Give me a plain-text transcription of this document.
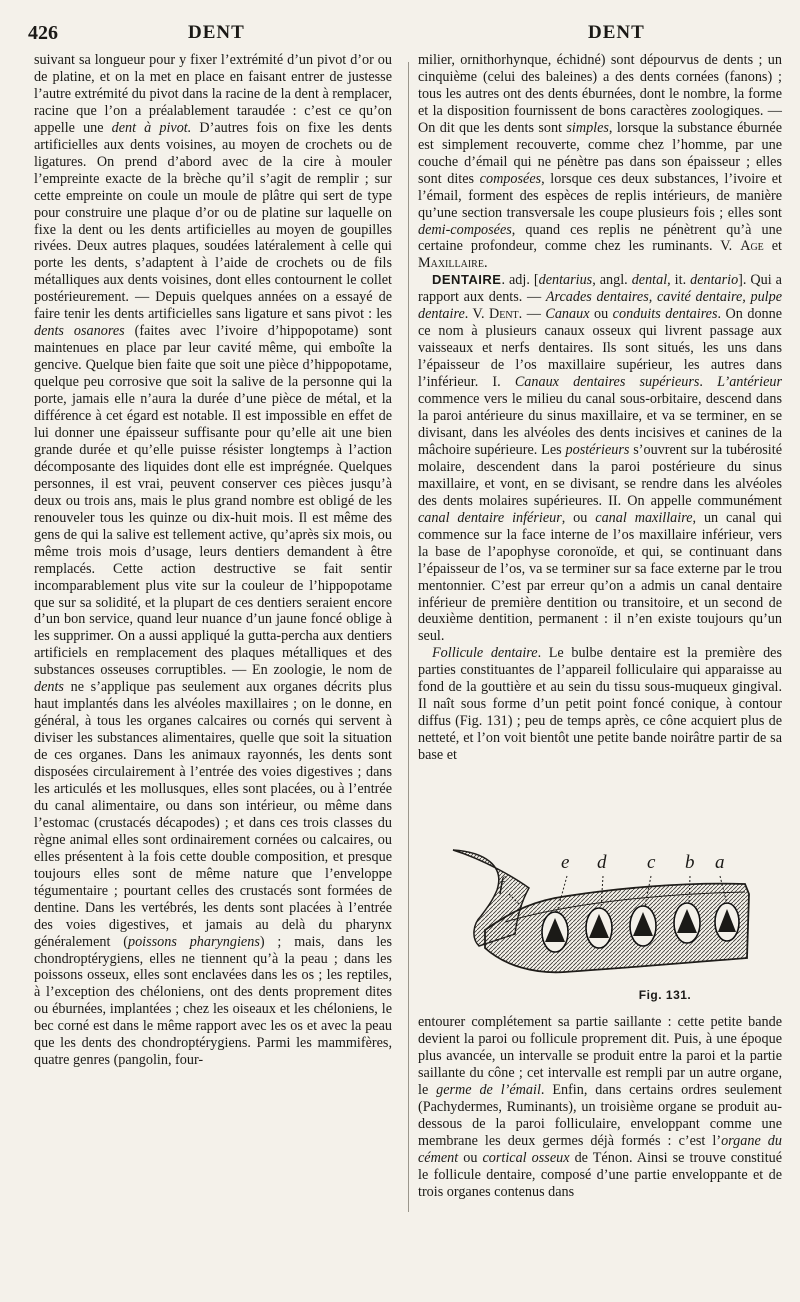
426	DENT	DENT

suivant sa longueur pour y fixer l’extrémité d’un pivot d’or ou de platine, et on la met en place en faisant entrer de justesse l’autre extrémité du pivot dans la racine de la dent à remplacer, racine que l’on a préalablement taraudée : c’est ce qu’on appelle une dent à pivot. D’autres fois on fixe les dents artificielles aux dents voisines, au moyen de crochets ou de ligatures. On prend d’abord avec de la cire à mouler l’empreinte exacte de la brèche qu’il s’agit de remplir ; sur cette empreinte on coule un moule de plâtre qui sert de type pour construire une plaque d’or ou de platine sur laquelle on fixe la dent ou les dents artificielles au moyen de goupilles rivées. Deux autres plaques, soudées latéralement à celle qui porte les dents, s’adaptent à l’aide de crochets ou de fils métalliques aux dents voisines, dont elles contournent le collet postérieurement. — Depuis quelques années on a essayé de faire tenir les dents artificielles sans ligature et sans pivot : les dents osanores (faites avec l’ivoire d’hippopotame) sont maintenues en place par leur cavité même, qui emboîte la gencive. Quelque bien faite que soit une pièce d’hippopotame, quelque peu corrosive que soit la salive de la personne qui la porte, jamais elle n’aura la durée d’une pièce de métal, et la différence à cet égard est notable. Il est impossible en effet de lui donner une épaisseur suffisante pour qu’elle ait une bien grande durée et qu’elle puisse résister longtemps à l’action décomposante des liquides dont elle est imprégnée. Quelques personnes, il est vrai, peuvent conserver ces pièces jusqu’à deux ou trois ans, mais le plus grand nombre est obligé de les renouveler tous les quinze ou dix-huit mois. Il est même des gens de qui la salive est tellement active, qu’après six mois, ou même trois mois d’usage, leurs dentiers demandent à être remplacés. Cette action destructive se fait sentir incomparablement plus vite sur la couleur de l’hippopotame que sur sa solidité, et la plupart de ces dentiers seraient encore d’un bon service, quand leur nuance d’un jaune foncé oblige à les supprimer. On a aussi appliqué la gutta-percha aux dentiers artificiels en remplacement des plaques métalliques et des substances osseuses corruptibles. — En zoologie, le nom de dents ne s’applique pas seulement aux organes décrits plus haut implantés dans les alvéoles maxillaires ; on le donne, en général, à tous les organes calcaires ou cornés qui servent à diviser les substances alimentaires, quelle que soit la situation de ces organes. Dans les animaux rayonnés, les dents sont disposées circulairement à l’entrée des voies digestives ; dans les articulés et les mollusques, elles sont placées, ou à l’entrée du canal alimentaire, ou dans son intérieur, ou même dans l’estomac (crustacés décapodes) ; et dans ces trois classes du règne animal elles sont ordinairement cornées ou calcaires, ou elles présentent à la fois cette double composition, et presque toujours elles sont de même nature que l’enveloppe tégumentaire ; pourtant celles des crustacés sont formées de dentine. Dans les vertébrés, les dents sont placées à l’entrée des voies digestives, et jamais au delà du pharynx généralement (poissons pharyngiens) ; mais, dans les chondroptérygiens, elles ne tiennent qu’à la peau ; dans les poissons osseux, elles sont enclavées dans les os ; les reptiles, à l’exception des chéloniens, ont des dents proprement dites ou éburnées, implantées ; chez les oiseaux et les chéloniens, le bec corné est dans le même rapport avec les os et avec la peau que les dents des chondroptérygiens. Parmi les mammifères, quatre genres (pangolin, four-

milier, ornithorhynque, échidné) sont dépourvus de dents ; un cinquième (celui des baleines) a des dents cornées (fanons) ; tous les autres ont des dents éburnées, dont le nombre, la forme et la disposition fournissent de bons caractères zoologiques. — On dit que les dents sont simples, lorsque la substance éburnée est simplement recouverte, comme chez l’homme, par une couche d’émail qui ne pénètre pas dans son épaisseur ; elles sont dites composées, lorsque ces deux substances, l’ivoire et l’émail, forment des espèces de replis intérieurs, de manière qu’une section transversale les coupe plusieurs fois ; elles sont demi-composées, quand ces replis ne pénètrent qu’à une certaine profondeur, comme chez les ruminants. V. Age et Maxillaire.

DENTAIRE. adj. [dentarius, angl. dental, it. dentario]. Qui a rapport aux dents. — Arcades dentaires, cavité dentaire, pulpe dentaire. V. Dent. — Canaux ou conduits dentaires. On donne ce nom à plusieurs canaux osseux qui livrent passage aux vaisseaux et nerfs dentaires. Ils sont situés, les uns dans l’épaisseur de l’os maxillaire supérieur, les autres dans l’inférieur. I. Canaux dentaires supérieurs. L’antérieur commence vers le milieu du canal sous-orbitaire, descend dans la paroi antérieure du sinus maxillaire, et va se terminer, en se divisant, dans les alvéoles des dents incisives et canines de la mâchoire supérieure. Les postérieurs s’ouvrent sur la tubérosité molaire, descendent dans la paroi postérieure du sinus maxillaire, et vont, en se divisant, se rendre dans les alvéoles des dents molaires supérieures. II. On appelle communément canal dentaire inférieur, ou canal maxillaire, un canal qui commence sur la face interne de l’os maxillaire inférieur, vers la base de l’apophyse coronoïde, et qui, se continuant dans l’épaisseur de l’os, va se terminer sur sa face externe par le trou mentonnier. C’est par erreur qu’on a admis un canal dentaire inférieur de première dentition ou transitoire, et un second de deuxième dentition, permanent : il n’en existe toujours qu’un seul.

Follicule dentaire. Le bulbe dentaire est la première des parties constituantes de l’appareil folliculaire qui apparaisse au fond de la gouttière et au sein du tissu sous-muqueux gingival. Il naît sous forme d’un petit point foncé conique, à contour diffus (Fig. 131) ; peu de temps après, ce cône acquiert plus de netteté, et l’on voit bientôt une petite bande noirâtre partir de sa base et

e d c b a
f
Fig. 131.

entourer complétement sa partie saillante : cette petite bande devient la paroi ou follicule proprement dit. Puis, à une époque plus avancée, un intervalle se produit entre la paroi et la partie saillante du cône ; cet intervalle est rempli par un autre organe, le germe de l’émail. Enfin, dans certains ordres seulement (Pachydermes, Ruminants), un troisième organe se produit au-dessous de la paroi folliculaire, enveloppant comme une membrane les deux germes déjà formés : c’est l’organe du cément ou cortical osseux de Ténon. Ainsi se trouve constitué le follicule dentaire, composé d’une partie enveloppante et de trois organes contenus dans
